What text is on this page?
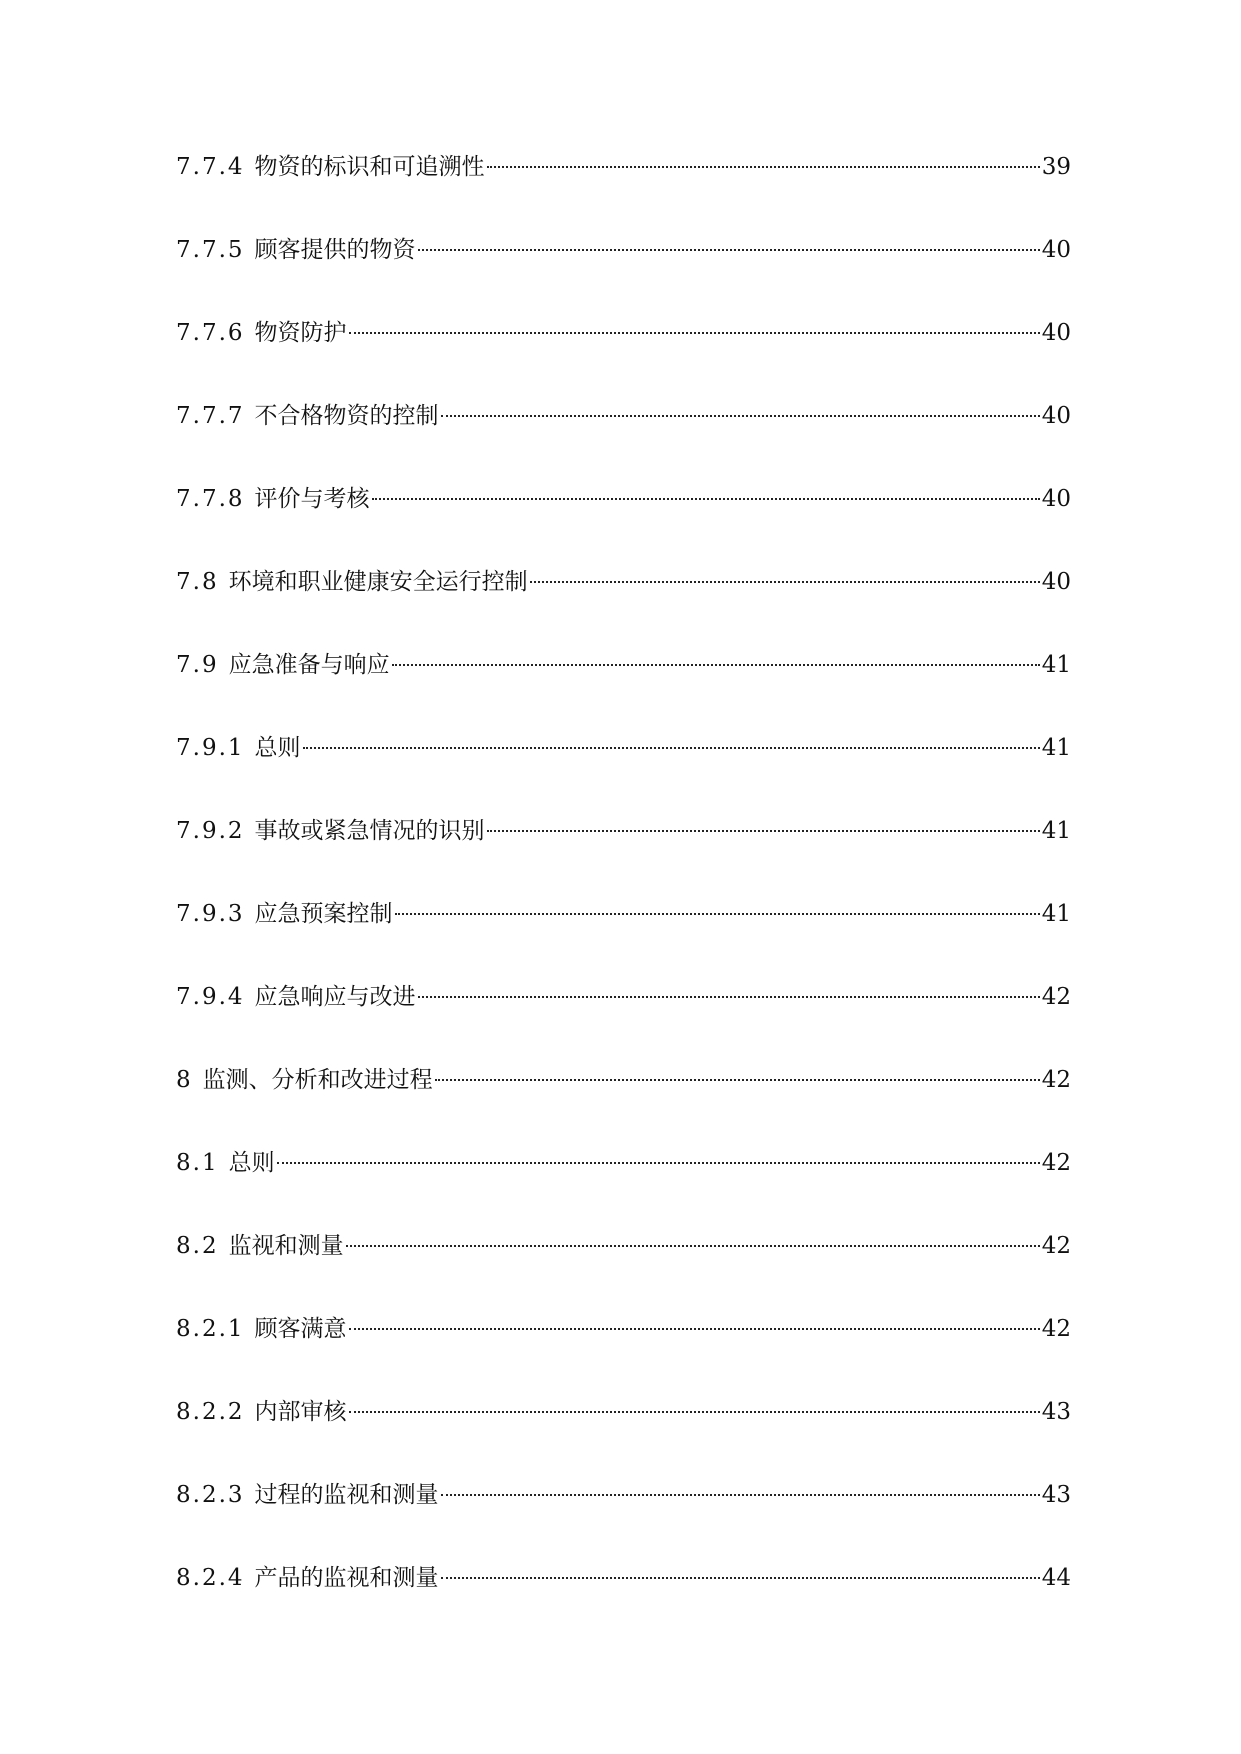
7.7.4 物资的标识和可追溯性	39
7.7.5 顾客提供的物资	40
7.7.6 物资防护	40
7.7.7 不合格物资的控制	40
7.7.8 评价与考核	40
7.8 环境和职业健康安全运行控制	40
7.9 应急准备与响应	41
7.9.1 总则	41
7.9.2 事故或紧急情况的识别	41
7.9.3 应急预案控制	41
7.9.4 应急响应与改进	42
8 监测、分析和改进过程	42
8.1 总则	42
8.2 监视和测量	42
8.2.1 顾客满意	42
8.2.2 内部审核	43
8.2.3 过程的监视和测量	43
8.2.4 产品的监视和测量	44
